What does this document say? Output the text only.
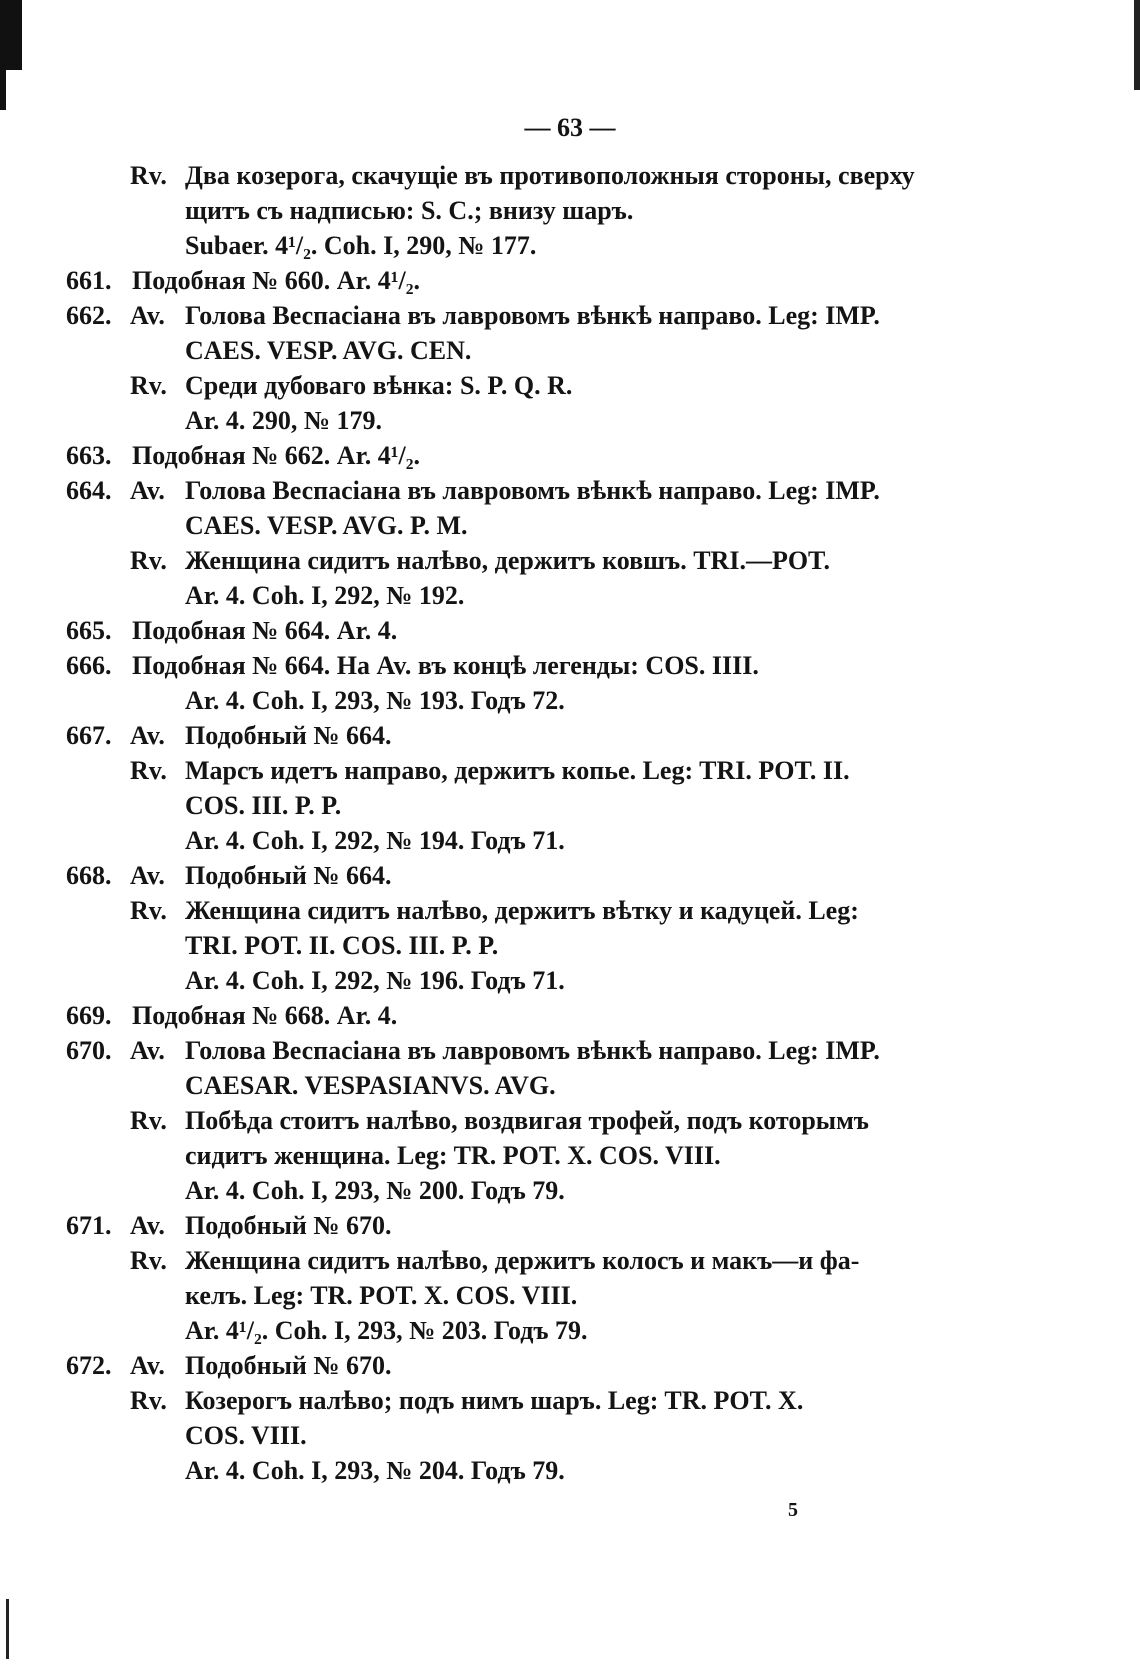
— 63 —
Rv. Два козерога, скачущіе въ противоположныя стороны, сверху
щитъ съ надписью: S. C.; внизу шаръ.
Subaer. 4¹/₂. Coh. I, 290, № 177.
661. Подобная № 660. Ar. 4¹/₂.
662. Av. Голова Веспасіана въ лавровомъ вѣнкѣ направо. Leg: IMP.
CAES. VESP. AVG. CEN.
Rv. Среди дубоваго вѣнка: S. P. Q. R.
Ar. 4. 290, № 179.
663. Подобная № 662. Ar. 4¹/₂.
664. Av. Голова Веспасіана въ лавровомъ вѣнкѣ направо. Leg: IMP.
CAES. VESP. AVG. P. M.
Rv. Женщина сидитъ налѣво, держитъ ковшъ. TRI.—POT.
Ar. 4. Coh. I, 292, № 192.
665. Подобная № 664. Ar. 4.
666. Подобная № 664. На Av. въ концѣ легенды: COS. IIII.
Ar. 4. Coh. I, 293, № 193. Годъ 72.
667. Av. Подобный № 664.
Rv. Марсъ идетъ направо, держитъ копье. Leg: TRI. POT. II.
COS. III. P. P.
Ar. 4. Coh. I, 292, № 194. Годъ 71.
668. Av. Подобный № 664.
Rv. Женщина сидитъ налѣво, держитъ вѣтку и кадуцей. Leg:
TRI. POT. II. COS. III. P. P.
Ar. 4. Coh. I, 292, № 196. Годъ 71.
669. Подобная № 668. Ar. 4.
670. Av. Голова Веспасіана въ лавровомъ вѣнкѣ направо. Leg: IMP.
CAESAR. VESPASIANVS. AVG.
Rv. Побѣда стоитъ налѣво, воздвигая трофей, подъ которымъ
сидитъ женщина. Leg: TR. POT. X. COS. VIII.
Ar. 4. Coh. I, 293, № 200. Годъ 79.
671. Av. Подобный № 670.
Rv. Женщина сидитъ налѣво, держитъ колосъ и макъ—и фа-
келъ. Leg: TR. POT. X. COS. VIII.
Ar. 4¹/₂. Coh. I, 293, № 203. Годъ 79.
672. Av. Подобный № 670.
Rv. Козерогъ налѣво; подъ нимъ шаръ. Leg: TR. POT. X.
COS. VIII.
Ar. 4. Coh. I, 293, № 204. Годъ 79.
5
